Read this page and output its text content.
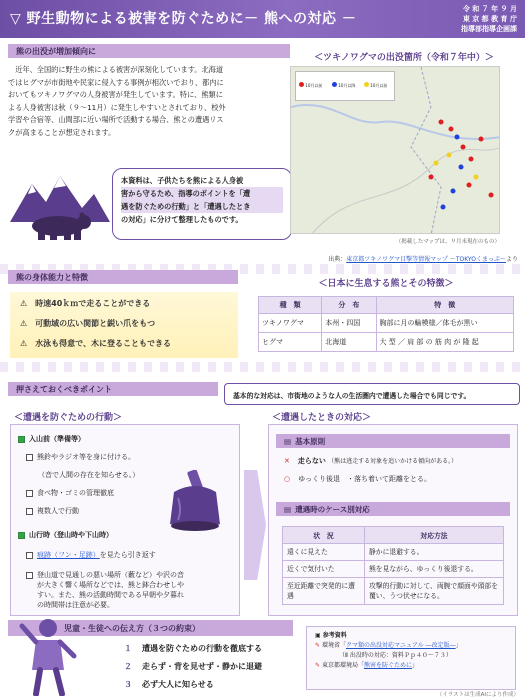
▽ 野生動物による被害を防ぐために－ 熊への対応 －
令 和 ７ 年 ９ 月
東 京 都 教 育 庁
指導部指導企画課
熊の出没が増加傾向に
　近年、全国的に野生の熊による被害が深刻化しています。北海道
ではヒグマが市街地や民家に侵入する事例が相次いでおり、都内に
おいてもツキノワグマの人身被害が発生しています。特に、熊類に
よる人身被害は秋（９～11月）に発生しやすいとされており、校外
学習や合宿等、山間部に近い場所で活動する場合、熊との遭遇リス
クが高まることが想定されます。
本資料は、子供たちを熊による人身被
害から守るため、指導のポイントを「遭
遇を防ぐための行動」と「遭遇したとき
の対応」に分けて整理したものです。
＜ツキノワグマの出没箇所（令和７年中）＞
10月以前	10月以降	10月以前
（掲載したマップは、９月末現在のもの）
出典：東京都ツキノワグマ目撃等情報マップ ～TOKYOくまっぷ～より
熊の身体能力と特徴
⚠ 時速40ｋｍで走ることができる
⚠ 可動域の広い関節と鋭い爪をもつ
⚠ 水泳も得意で、木に登ることもできる
＜日本に生息する熊とその特徴＞
種　類	分　布	特　徴
ツキノワグマ	本州・四国	胸部に月の輪模様／体毛が黒い
ヒグマ	北海道	大 型 ／ 肩 部 の 筋 肉 が 隆 起
押さえておくべきポイント
基本的な対応は、市街地のような人の生活圏内で遭遇した場合でも同じです。
＜遭遇を防ぐための行動＞
入山前（準備等）
熊鈴やラジオ等を身に付ける。
（音で人間の存在を知らせる。）
食べ物・ゴミの管理徹底
複数人で行動
山行時（登山時や下山時）
痕跡（フン・足跡）を見たら引き返す
登山道で見通しの悪い場所（藪など）や沢の音
が大きく響く場所などでは、熊と鉢合わせしや
すい。また、熊の活動時間である早朝や夕暮れ
の時間帯は注意が必要。
＜遭遇したときの対応＞
▤ 基本原則
✕ 走らない （熊は逃走する対象を追いかける傾向がある。）
○ ゆっくり後退　・落ち着いて距離をとる。
▤ 遭遇時のケース別対応
状　況	対応方法
遠くに見えた	静かに退避する。
近くで気付いた	熊を見ながら、ゆっくり後退する。
至近距離で突発的に遭遇	攻撃的行動に対して、両腕で顔面や頭部を覆い、うつ伏せになる。
児童・生徒への伝え方（３つの約束）
１ 遭遇を防ぐための行動を徹底する
２ 走らず・背を見せず・静かに退避
３ 必ず大人に知らせる
▣ 参考資料
✎ 環境省「クマ類の出没対応マニュアル ―改定版―」
（Ⅱ 出没時の対応：資料Ｐｐ４０～７３）
✎ 東京都環境局「熊害を防ぐために」
（イラストは生成AIにより作成）
